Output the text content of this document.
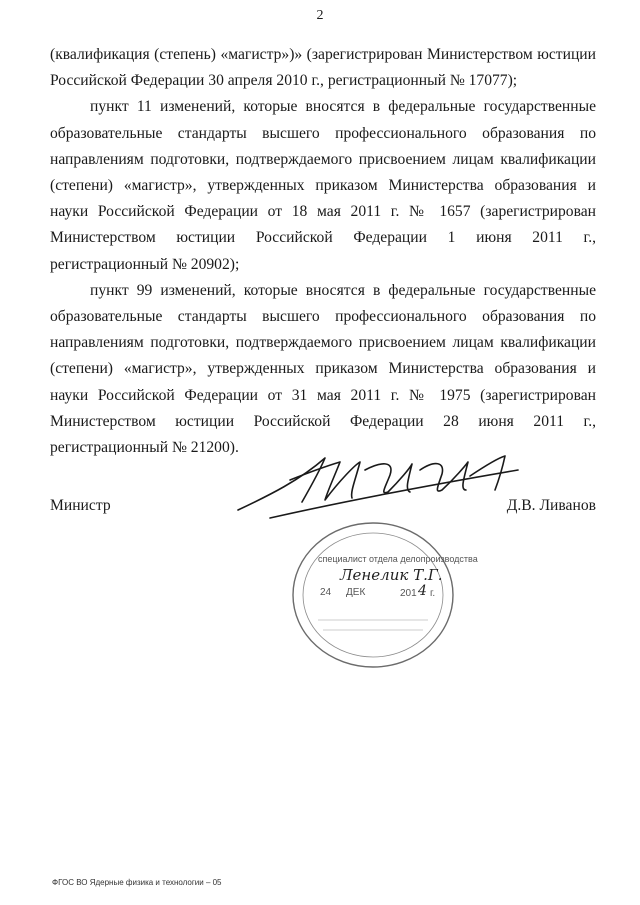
2

(квалификация (степень) «магистр»)» (зарегистрирован Министерством юстиции Российской Федерации 30 апреля 2010 г., регистрационный № 17077);

пункт 11 изменений, которые вносятся в федеральные государственные образовательные стандарты высшего профессионального образования по направлениям подготовки, подтверждаемого присвоением лицам квалификации (степени) «магистр», утвержденных приказом Министерства образования и науки Российской Федерации от 18 мая 2011 г. № 1657 (зарегистрирован Министерством юстиции Российской Федерации 1 июня 2011 г., регистрационный № 20902);

пункт 99 изменений, которые вносятся в федеральные государственные образовательные стандарты высшего профессионального образования по направлениям подготовки, подтверждаемого присвоением лицам квалификации (степени) «магистр», утвержденных приказом Министерства образования и науки Российской Федерации от 31 мая 2011 г. № 1975 (зарегистрирован Министерством юстиции Российской Федерации 28 июня 2011 г., регистрационный № 21200).

Министр	Д.В. Ливанов
специалист отдела делопроизводства
Ленелик Т.Г.
24 ДЕК	201 4 г.
ФГОС ВО Ядерные физика и технологии – 05
